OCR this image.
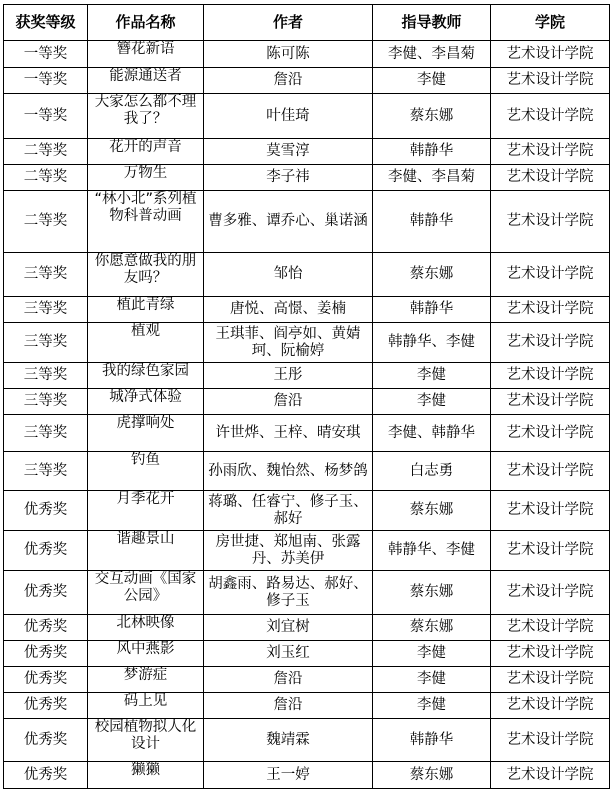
获奖等级	作品名称	作者	指导教师	学院
一等奖	簪花新语	陈可陈	李健、李昌菊	艺术设计学院
一等奖	能源通送者	詹沿	李健	艺术设计学院
一等奖	大家怎么都不理我了？	叶佳琦	蔡东娜	艺术设计学院
二等奖	花开的声音	莫雪淳	韩静华	艺术设计学院
二等奖	万物生	李子祎	李健、李昌菊	艺术设计学院
二等奖	“林小北”系列植物科普动画	曹多雅、谭乔心、巢诺涵	韩静华	艺术设计学院
三等奖	你愿意做我的朋友吗？	邹怡	蔡东娜	艺术设计学院
三等奖	植此青绿	唐悦、高憬、姜楠	韩静华	艺术设计学院
三等奖	植观	王琪菲、阎亭如、黄婧珂、阮榆婷	韩静华、李健	艺术设计学院
三等奖	我的绿色家园	王彤	李健	艺术设计学院
三等奖	城净式体验	詹沿	李健	艺术设计学院
三等奖	虎撑响处	许世烨、王梓、晴安琪	李健、韩静华	艺术设计学院
三等奖	钓鱼	孙雨欣、魏怡然、杨梦鸽	白志勇	艺术设计学院
优秀奖	月季花开	蒋璐、任睿宁、修子玉、郝好	蔡东娜	艺术设计学院
优秀奖	谐趣景山	房世捷、郑旭南、张露丹、苏美伊	韩静华、李健	艺术设计学院
优秀奖	交互动画《国家公园》	胡鑫雨、路易达、郝好、修子玉	蔡东娜	艺术设计学院
优秀奖	北林映像	刘宜树	蔡东娜	艺术设计学院
优秀奖	风中燕影	刘玉红	李健	艺术设计学院
优秀奖	梦游症	詹沿	李健	艺术设计学院
优秀奖	码上见	詹沿	李健	艺术设计学院
优秀奖	校园植物拟人化设计	魏靖霖	韩静华	艺术设计学院
优秀奖	獭獭	王一婷	蔡东娜	艺术设计学院
